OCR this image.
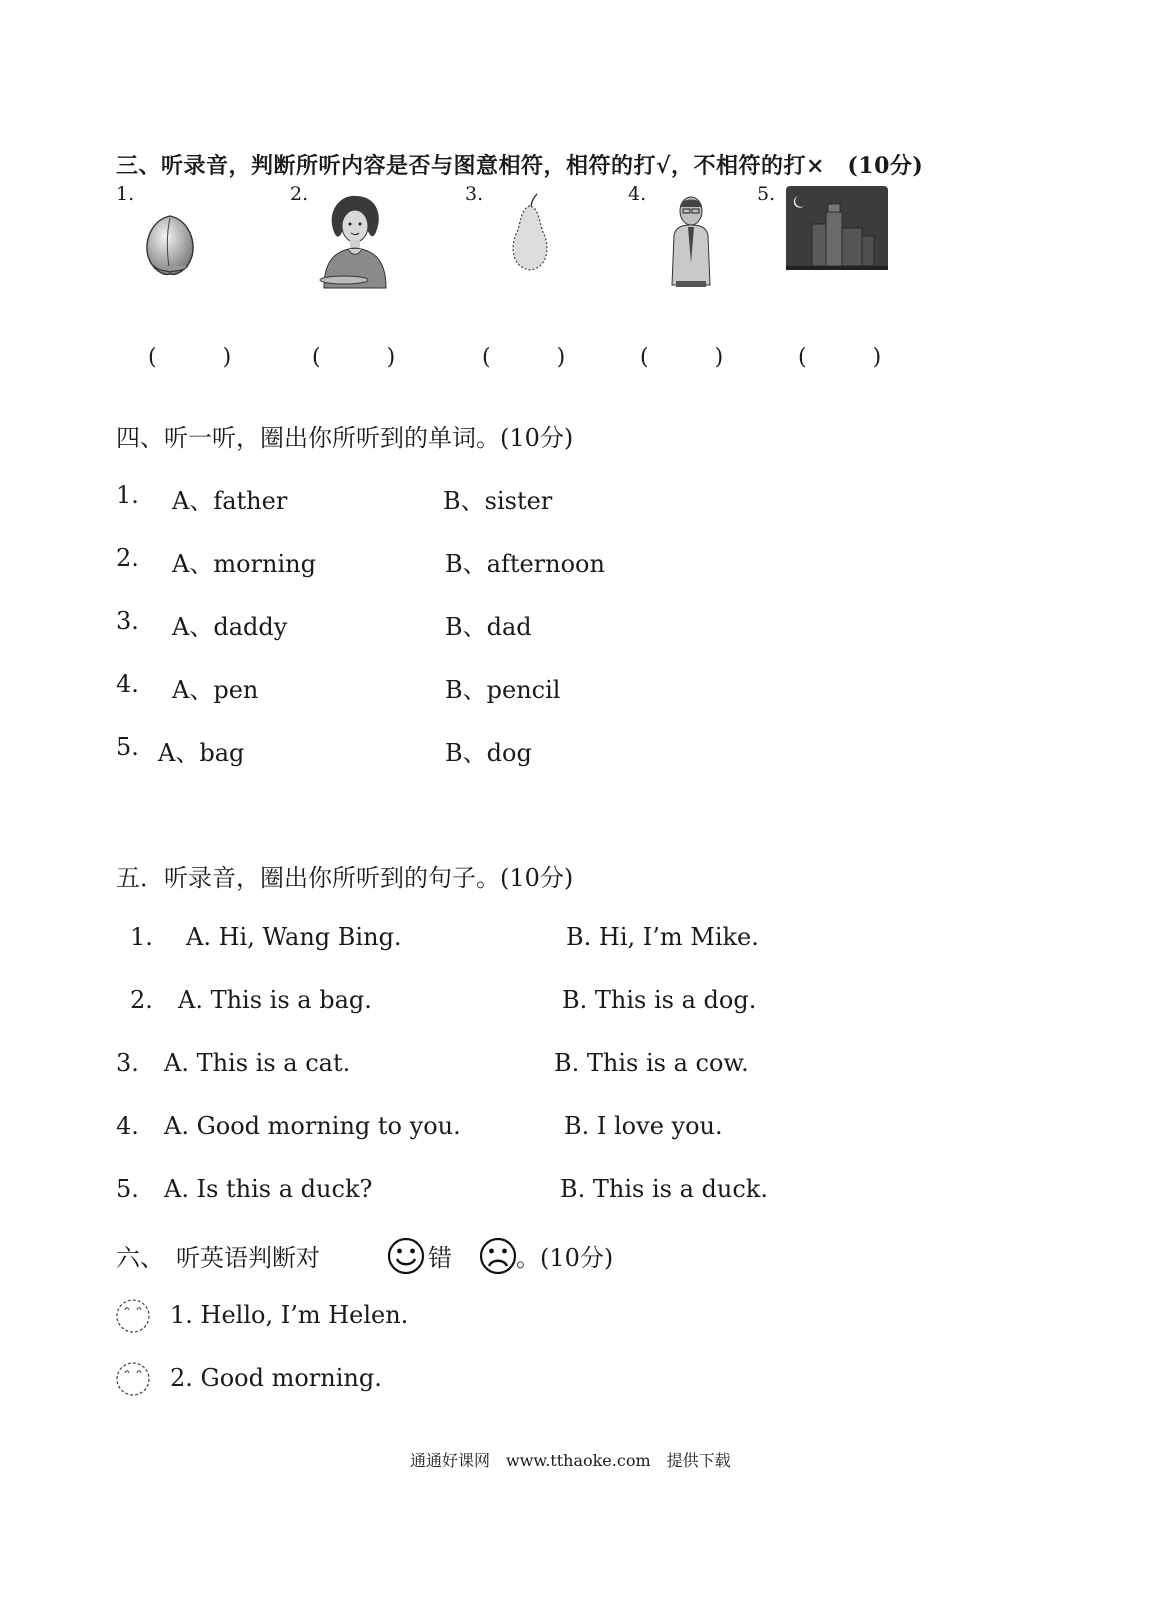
三、听录音，判断所听内容是否与图意相符，相符的打√，不相符的打×　(10分)
1.	2.	3.	4.	5.
(　　　)	(　　　)	(　　　)	(　　　)	(　　　)
四、听一听，圈出你所听到的单词。(10分)
1. A、father	B、sister
2. A、morning	B、afternoon
3. A、daddy	B、dad
4. A、pen	B、pencil
5. A、bag	B、dog
五．听录音，圈出你所听到的句子。(10分)
1. A. Hi, Wang Bing.	B. Hi, I’m Mike.
2. A. This is a bag.	B. This is a dog.
3. A. This is a cat.	B. This is a cow.
4. A. Good morning to you.	B. I love you.
5. A. Is this a duck?	B. This is a duck.
六、　听英语判断对	错	。(10分)
1. Hello, I’m Helen.
2. Good morning.
通通好课网　www.tthaoke.com　提供下载
